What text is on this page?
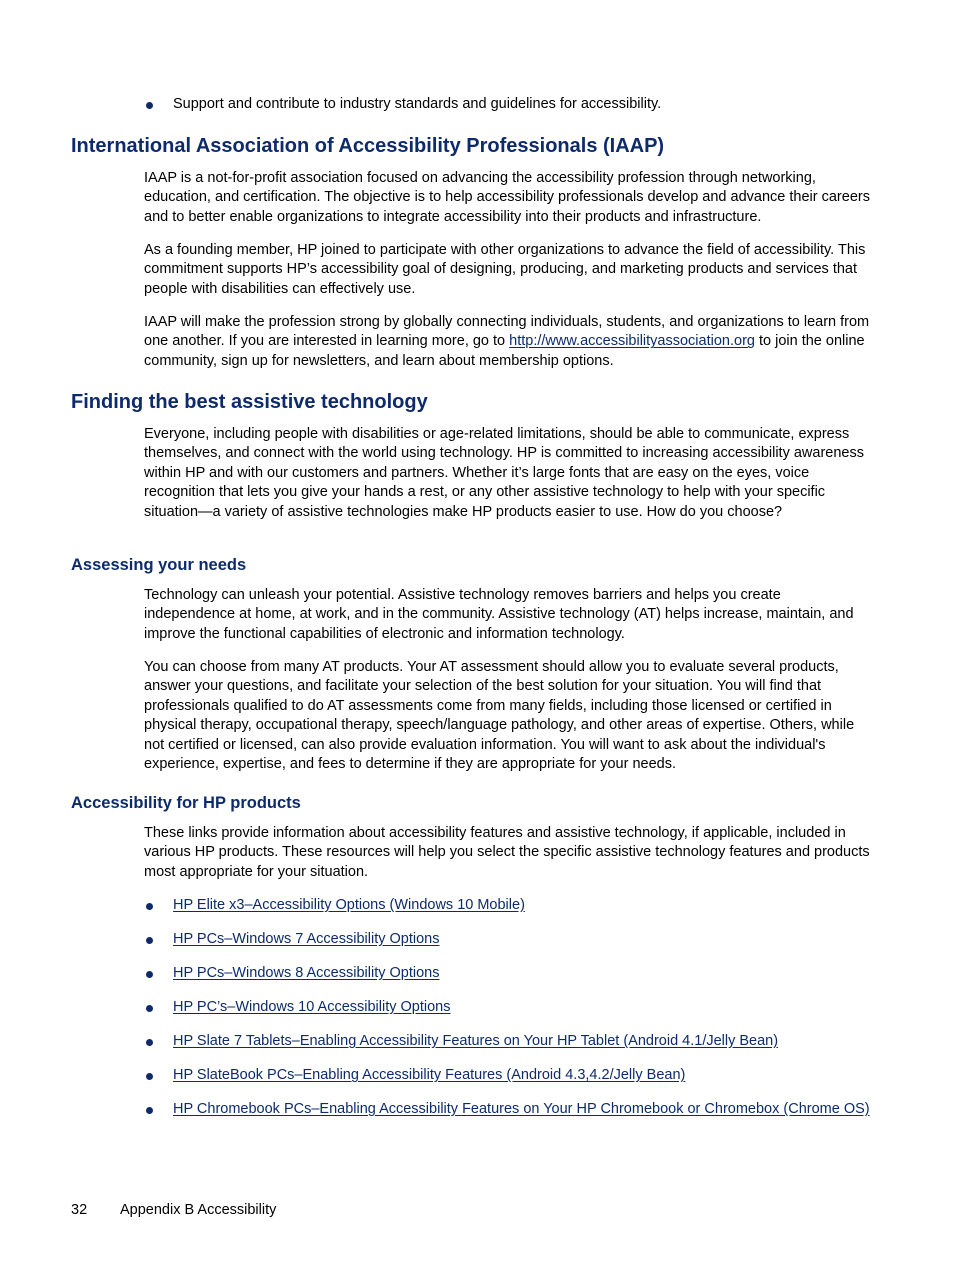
Support and contribute to industry standards and guidelines for accessibility.
International Association of Accessibility Professionals (IAAP)

IAAP is a not-for-profit association focused on advancing the accessibility profession through networking, education, and certification. The objective is to help accessibility professionals develop and advance their careers and to better enable organizations to integrate accessibility into their products and infrastructure.

As a founding member, HP joined to participate with other organizations to advance the field of accessibility. This commitment supports HP’s accessibility goal of designing, producing, and marketing products and services that people with disabilities can effectively use.

IAAP will make the profession strong by globally connecting individuals, students, and organizations to learn from one another. If you are interested in learning more, go to http://www.accessibilityassociation.org to join the online community, sign up for newsletters, and learn about membership options.

Finding the best assistive technology

Everyone, including people with disabilities or age-related limitations, should be able to communicate, express themselves, and connect with the world using technology. HP is committed to increasing accessibility awareness within HP and with our customers and partners. Whether it’s large fonts that are easy on the eyes, voice recognition that lets you give your hands a rest, or any other assistive technology to help with your specific situation—a variety of assistive technologies make HP products easier to use. How do you choose?

Assessing your needs

Technology can unleash your potential. Assistive technology removes barriers and helps you create independence at home, at work, and in the community. Assistive technology (AT) helps increase, maintain, and improve the functional capabilities of electronic and information technology.

You can choose from many AT products. Your AT assessment should allow you to evaluate several products, answer your questions, and facilitate your selection of the best solution for your situation. You will find that professionals qualified to do AT assessments come from many fields, including those licensed or certified in physical therapy, occupational therapy, speech/language pathology, and other areas of expertise. Others, while not certified or licensed, can also provide evaluation information. You will want to ask about the individual's experience, expertise, and fees to determine if they are appropriate for your needs.

Accessibility for HP products

These links provide information about accessibility features and assistive technology, if applicable, included in various HP products. These resources will help you select the specific assistive technology features and products most appropriate for your situation.

HP Elite x3–Accessibility Options (Windows 10 Mobile)
HP PCs–Windows 7 Accessibility Options
HP PCs–Windows 8 Accessibility Options
HP PC’s–Windows 10 Accessibility Options
HP Slate 7 Tablets–Enabling Accessibility Features on Your HP Tablet (Android 4.1/Jelly Bean)
HP SlateBook PCs–Enabling Accessibility Features (Android 4.3,4.2/Jelly Bean)
HP Chromebook PCs–Enabling Accessibility Features on Your HP Chromebook or Chromebox (Chrome OS)
32	Appendix B Accessibility
